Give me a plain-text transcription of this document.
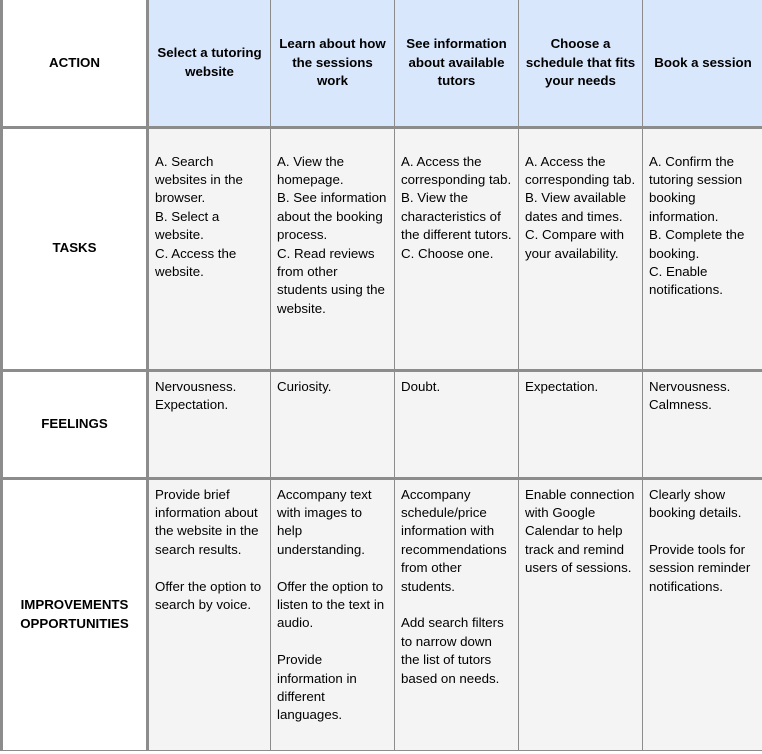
ACTION	Select a tutoring website	Learn about how the sessions work	See information about available tutors	Choose a schedule that fits your needs	Book a session
TASKS	A. Search websites in the browser.
B. Select a website.
C. Access the website.	A. View the homepage.
B. See information about the booking process.
C. Read reviews from other students using the website.	A. Access the corresponding tab.
B. View the characteristics of the different tutors.
C. Choose one.	A. Access the corresponding tab.
B. View available dates and times.
C. Compare with your availability.	A. Confirm the tutoring session booking information.
B. Complete the booking.
C. Enable notifications.

FEELINGS	Nervousness.
Expectation.	Curiosity.	Doubt.	Expectation.	Nervousness.
Calmness.

IMPROVEMENTS OPPORTUNITIES	Provide brief information about the website in the search results.
Offer the option to search by voice.	Accompany text with images to help understanding.
Offer the option to listen to the text in audio.
Provide information in different languages.	Accompany schedule/price information with recommendations from other students.
Add search filters to narrow down the list of tutors based on needs.	Enable connection with Google Calendar to help track and remind users of sessions.	Clearly show booking details.
Provide tools for session reminder notifications.
